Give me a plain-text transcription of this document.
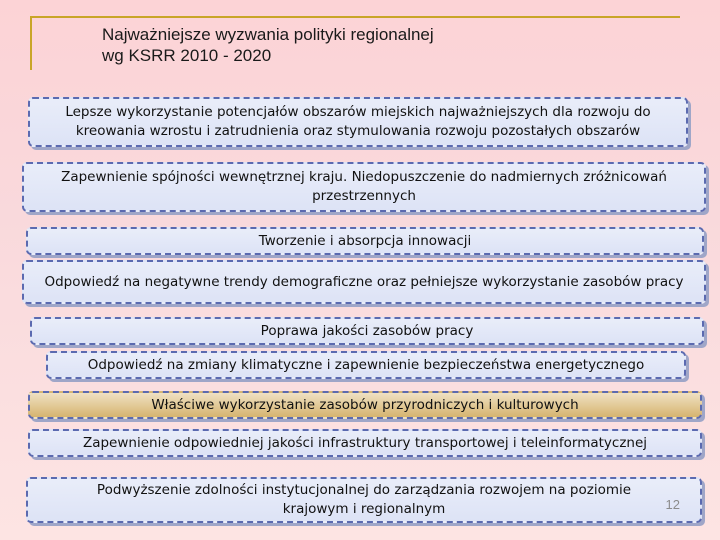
Najważniejsze wyzwania polityki regionalnej
wg KSRR 2010 - 2020
Lepsze wykorzystanie potencjałów obszarów miejskich najważniejszych dla rozwoju do kreowania wzrostu i zatrudnienia oraz stymulowania rozwoju pozostałych obszarów
Zapewnienie spójności wewnętrznej kraju. Niedopuszczenie do nadmiernych zróżnicowań przestrzennych
Tworzenie i absorpcja innowacji
Odpowiedź na negatywne trendy demograficzne oraz pełniejsze wykorzystanie zasobów pracy
Poprawa jakości zasobów pracy
Odpowiedź na zmiany klimatyczne i zapewnienie bezpieczeństwa energetycznego
Właściwe wykorzystanie zasobów przyrodniczych i kulturowych
Zapewnienie odpowiedniej jakości infrastruktury transportowej i teleinformatycznej
Podwyższenie zdolności instytucjonalnej do zarządzania rozwojem na poziomie krajowym i regionalnym	12
